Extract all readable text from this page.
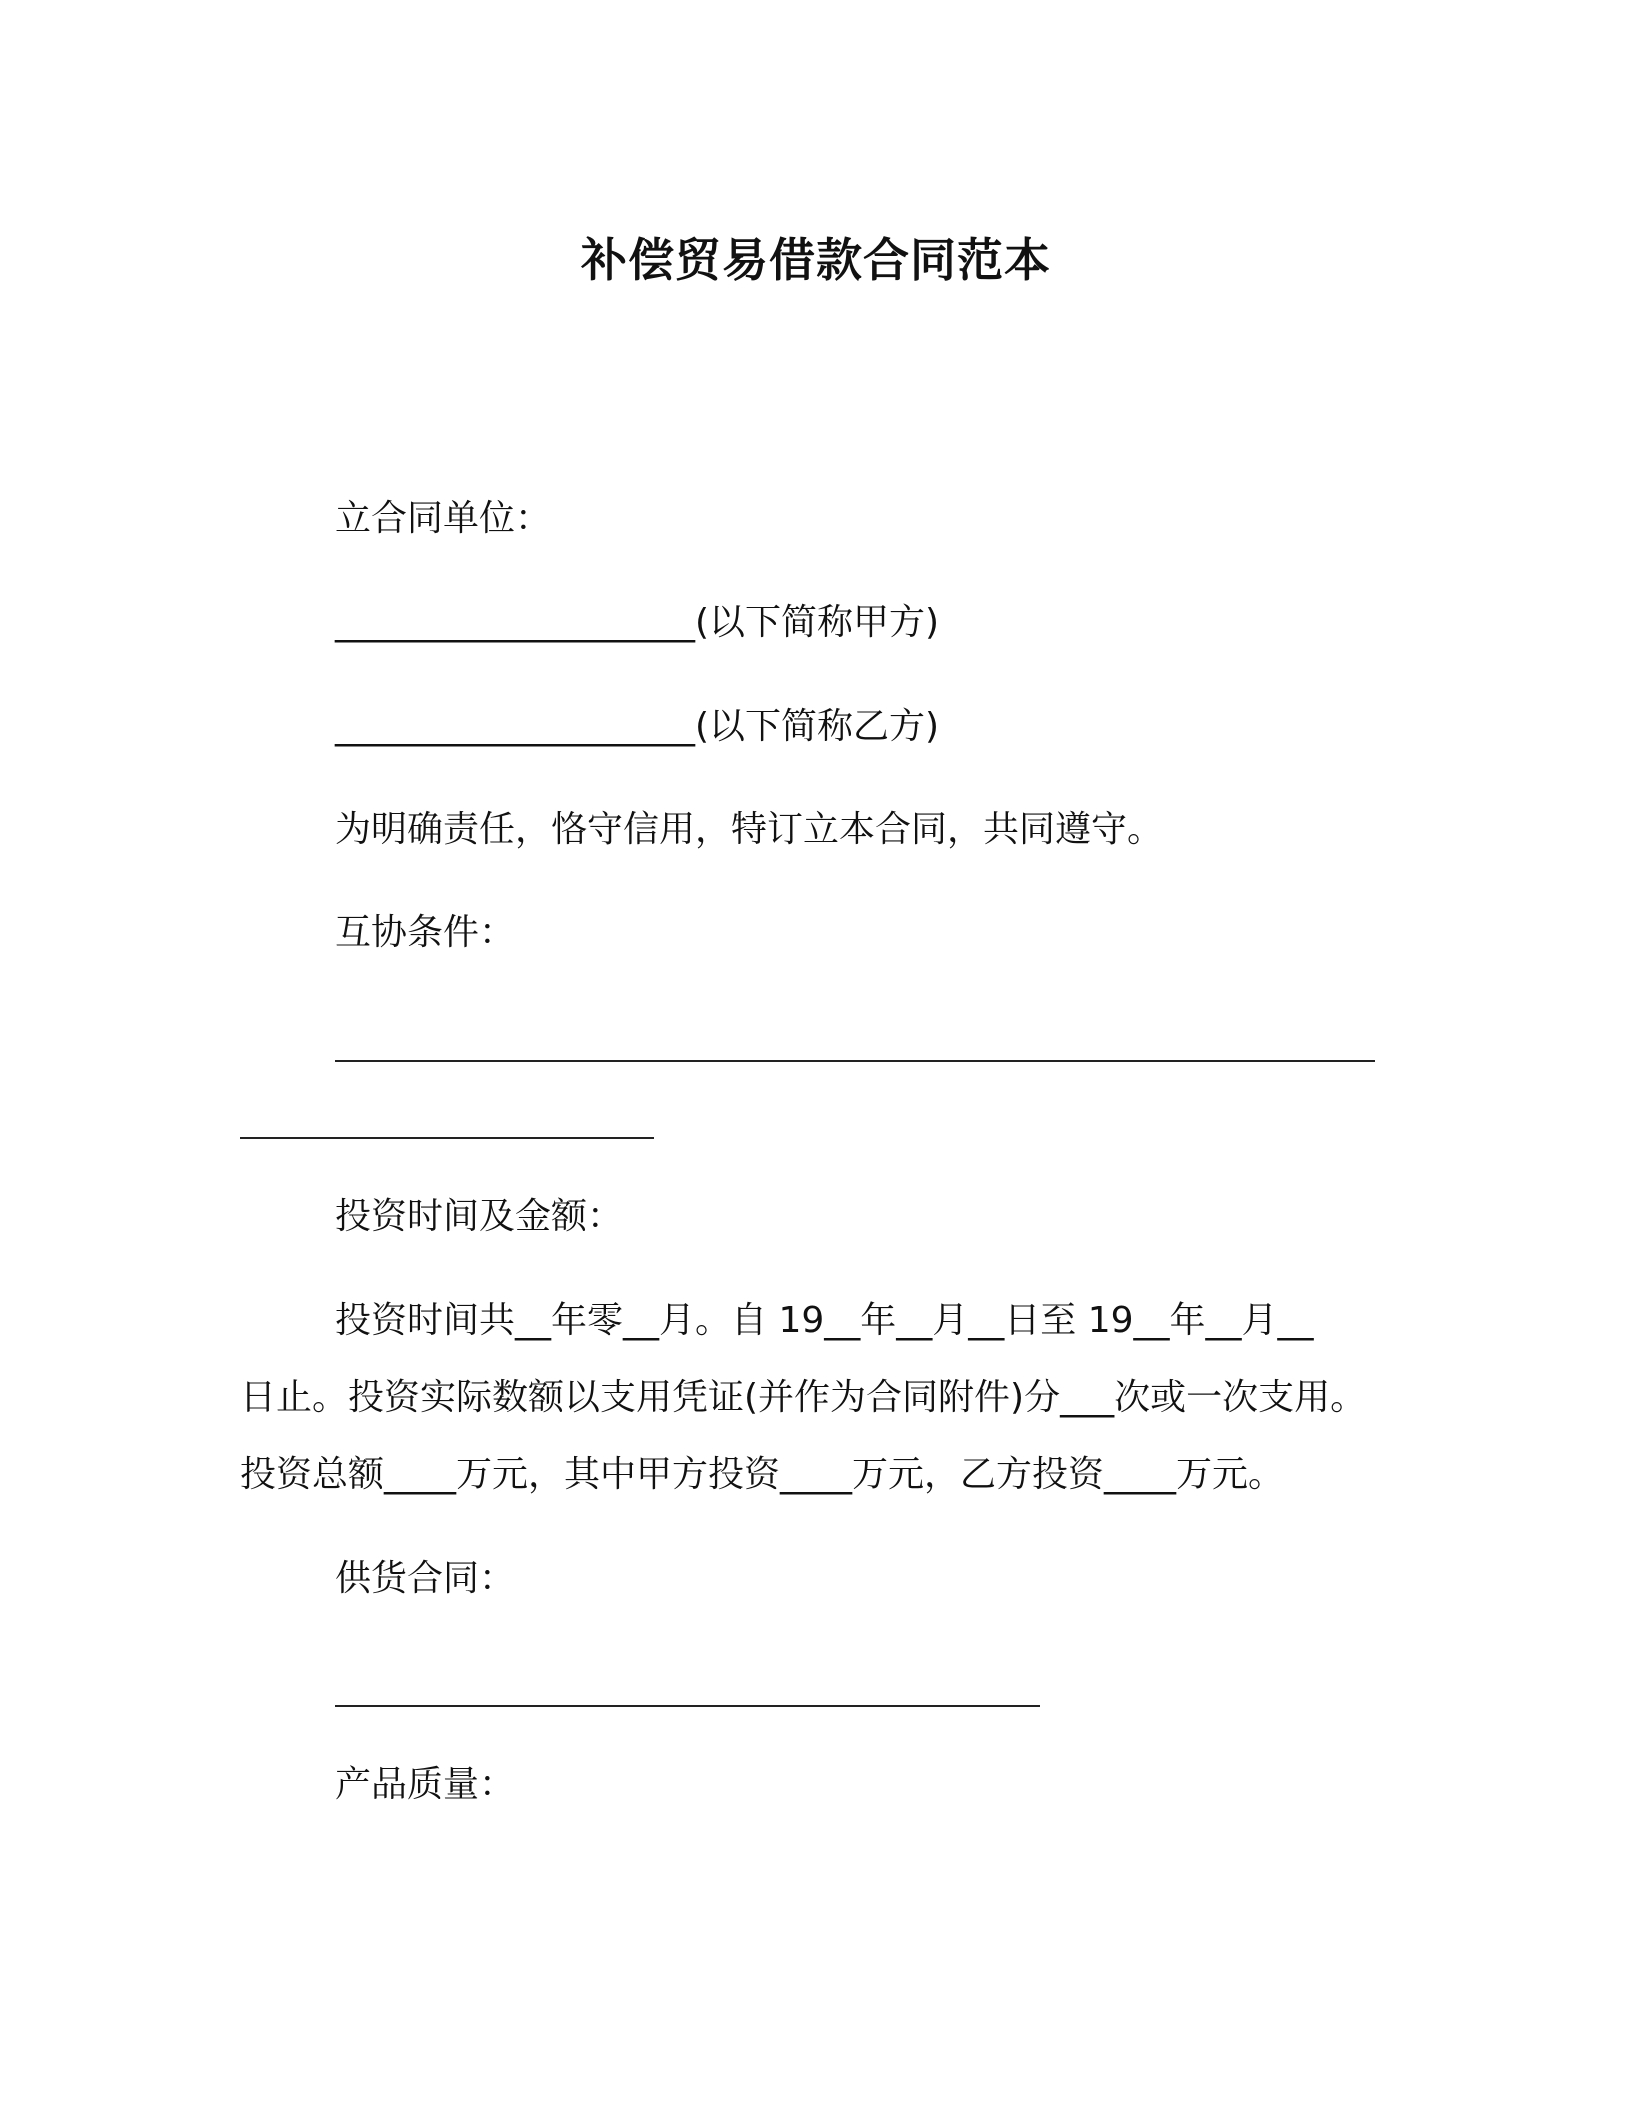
补偿贸易借款合同范本
立合同单位：
____________________(以下简称甲方)
____________________(以下简称乙方)
为明确责任，恪守信用，特订立本合同，共同遵守。
互协条件：
投资时间及金额：
投资时间共__年零__月。自 19__年__月__日至 19__年__月__
日止。投资实际数额以支用凭证(并作为合同附件)分___次或一次支用。
投资总额____万元，其中甲方投资____万元，乙方投资____万元。
供货合同：
产品质量：
